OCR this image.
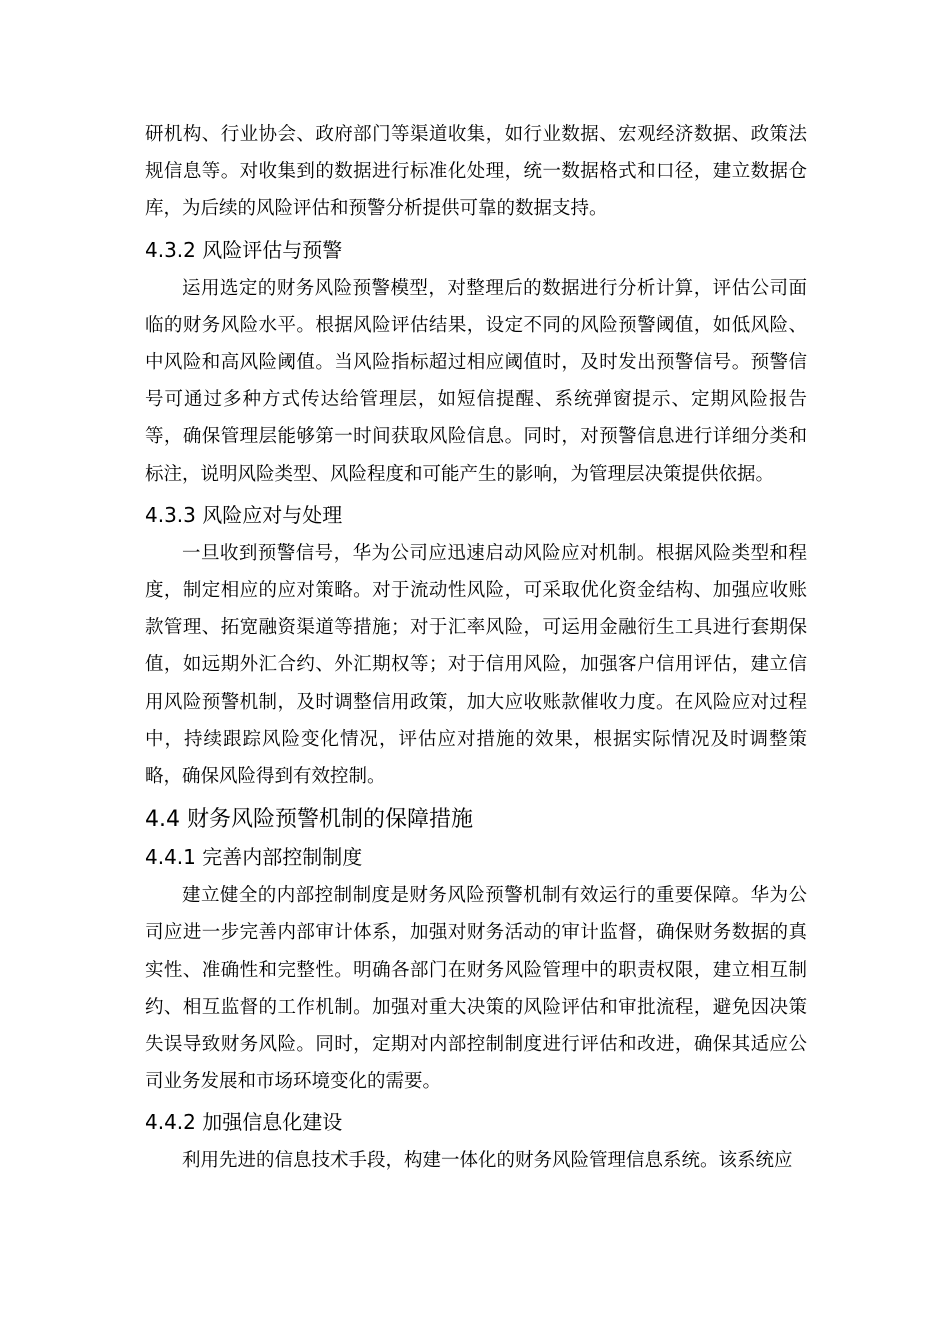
研机构、行业协会、政府部门等渠道收集，如行业数据、宏观经济数据、政策法规信息等。对收集到的数据进行标准化处理，统一数据格式和口径，建立数据仓库，为后续的风险评估和预警分析提供可靠的数据支持。

4.3.2 风险评估与预警

运用选定的财务风险预警模型，对整理后的数据进行分析计算，评估公司面临的财务风险水平。根据风险评估结果，设定不同的风险预警阈值，如低风险、中风险和高风险阈值。当风险指标超过相应阈值时，及时发出预警信号。预警信号可通过多种方式传达给管理层，如短信提醒、系统弹窗提示、定期风险报告等，确保管理层能够第一时间获取风险信息。同时，对预警信息进行详细分类和标注，说明风险类型、风险程度和可能产生的影响，为管理层决策提供依据。

4.3.3 风险应对与处理

一旦收到预警信号，华为公司应迅速启动风险应对机制。根据风险类型和程度，制定相应的应对策略。对于流动性风险，可采取优化资金结构、加强应收账款管理、拓宽融资渠道等措施；对于汇率风险，可运用金融衍生工具进行套期保值，如远期外汇合约、外汇期权等；对于信用风险，加强客户信用评估，建立信用风险预警机制，及时调整信用政策，加大应收账款催收力度。在风险应对过程中，持续跟踪风险变化情况，评估应对措施的效果，根据实际情况及时调整策略，确保风险得到有效控制。

4.4 财务风险预警机制的保障措施
4.4.1 完善内部控制制度

建立健全的内部控制制度是财务风险预警机制有效运行的重要保障。华为公司应进一步完善内部审计体系，加强对财务活动的审计监督，确保财务数据的真实性、准确性和完整性。明确各部门在财务风险管理中的职责权限，建立相互制约、相互监督的工作机制。加强对重大决策的风险评估和审批流程，避免因决策失误导致财务风险。同时，定期对内部控制制度进行评估和改进，确保其适应公司业务发展和市场环境变化的需要。

4.4.2 加强信息化建设

利用先进的信息技术手段，构建一体化的财务风险管理信息系统。该系统应
